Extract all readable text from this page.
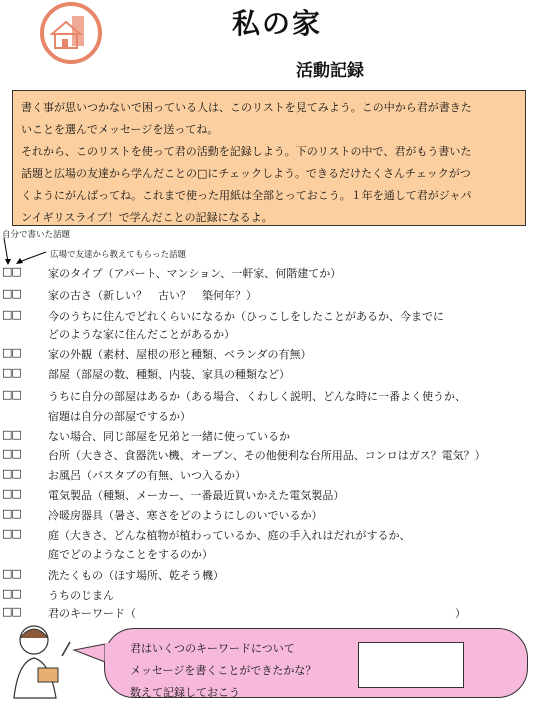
私の家
活動記録
書く事が思いつかないで困っている人は、このリストを見てみよう。この中から君が書きた
いことを選んでメッセージを送ってね。
それから、このリストを使って君の活動を記録しよう。下のリストの中で、君がもう書いた
話題と広場の友達から学んだことの□にチェックしよう。できるだけたくさんチェックがつ
くようにがんばってね。これまで使った用紙は全部とっておこう。１年を通して君がジャパ
ンイギリスライブ！で学んだことの記録になるよ。
自分で書いた話題
広場で友達から教えてもらった話題
□□ 家のタイプ（アパート、マンション、一軒家、何階建てか）
□□ 家の古さ（新しい？　古い？　築何年？）
□□ 今のうちに住んでどれくらいになるか（ひっこしをしたことがあるか、今までに
どのような家に住んだことがあるか）
□□ 家の外観（素材、屋根の形と種類、ベランダの有無）
□□ 部屋（部屋の数、種類、内装、家具の種類など）
□□ うちに自分の部屋はあるか（ある場合、くわしく説明、どんな時に一番よく使うか、
宿題は自分の部屋でするか）
□□ ない場合、同じ部屋を兄弟と一緒に使っているか
□□ 台所（大きさ、食器洗い機、オーブン、その他便利な台所用品、コンロはガス？電気？）
□□ お風呂（バスタブの有無、いつ入るか）
□□ 電気製品（種類、メーカー、一番最近買いかえた電気製品）
□□ 冷暖房器具（暑さ、寒さをどのようにしのいでいるか）
□□ 庭（大きさ、どんな植物が植わっているか、庭の手入れはだれがするか、
庭でどのようなことをするのか）
□□ 洗たくもの（ほす場所、乾そう機）
□□ うちのじまん
□□ 君のキーワード（　　　　　　　　　　　　　　　　　　　　　　　　　　　　　）
君はいくつのキーワードについて
メッセージを書くことができたかな？
数えて記録しておこう
